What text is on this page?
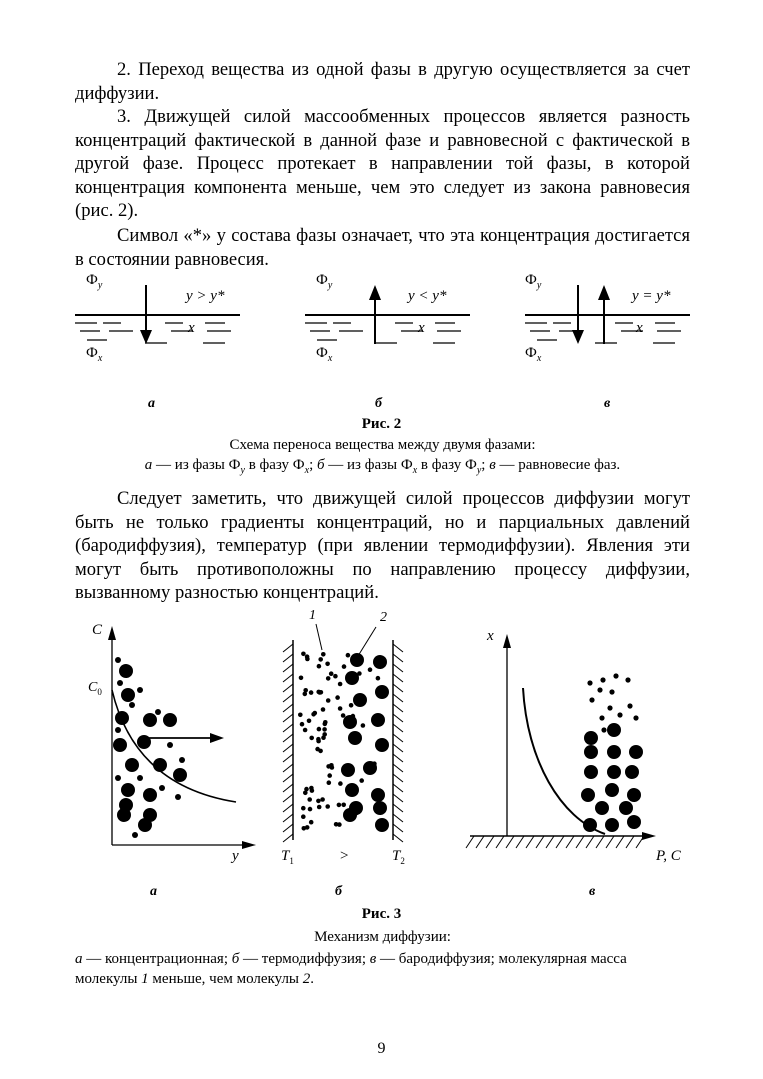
2. Переход вещества из одной фазы в другую осуществляется за счет диффузии.

3. Движущей силой массообменных процессов является разность концентраций фактической в данной фазе и равновесной с фактической в другой фазе. Процесс протекает в направлении той фазы, в которой концентрация компонента меньше, чем это следует из закона равновесия (рис. 2).

Символ «*» у состава фазы означает, что эта концентрация достигается в состоянии равновесия.

$Ф_y$
y > y*
x
$Ф_x$
$Ф_y$
y < y*
x
$Ф_x$
$Ф_y$
y = y*
x
$Ф_x$
а	б	в
Рис. 2
Схема переноса вещества между двумя фазами:
а — из фазы $Ф_y$ в фазу $Ф_x$; б — из фазы $Ф_x$ в фазу $Ф_y$; в — равновесие фаз.

Следует заметить, что движущей силой процессов диффузии могут быть не только градиенты концентраций, но и парциальных давлений (бародиффузия), температур (при явлении термодиффузии). Явления эти могут быть противоположны по направлению процессу диффузии, вызванному разностью концентраций.

C
$C_0$
y
1	2
$T_1$	>	$T_2$
x
P, C
а	б	в
Рис. 3
Механизм диффузии:
а — концентрационная; б — термодиффузия; в — бародиффузия; молекулярная масса молекулы 1 меньше, чем молекулы 2.
9
